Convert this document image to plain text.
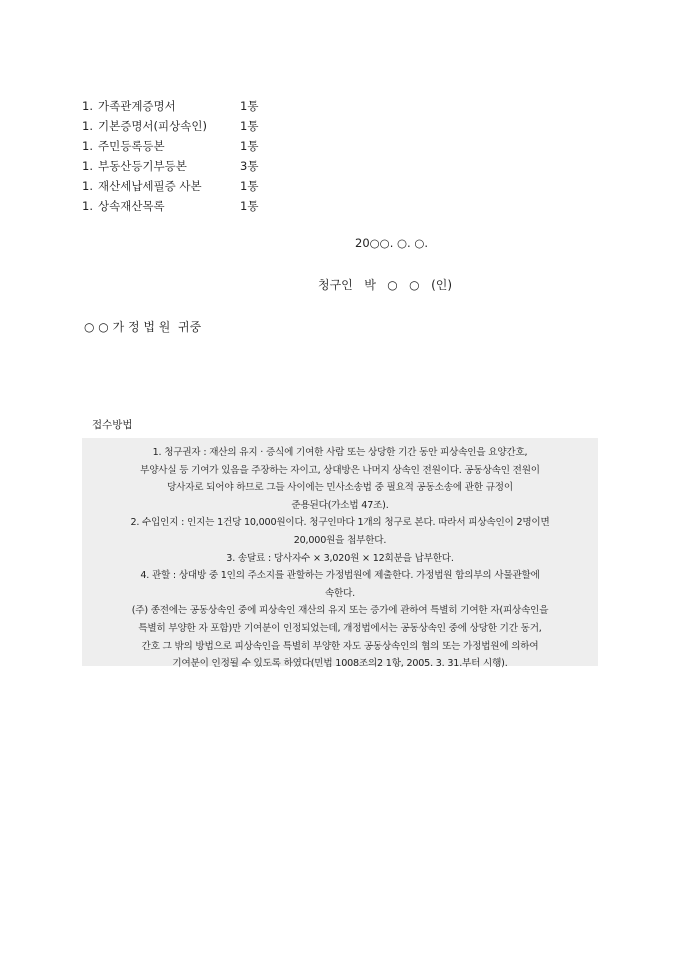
1. 가족관계증명서	1통
1. 기본증명서(피상속인)	1통
1. 주민등록등본	1통
1. 부동산등기부등본	3통
1. 재산세납세필증 사본	1통
1. 상속재산목록	1통
20○○. ○. ○.
청구인   박   ○   ○   (인)
○ ○ 가 정 법 원  귀중
접수방법
1. 청구권자 : 재산의 유지 · 증식에 기여한 사람 또는 상당한 기간 동안 피상속인을 요양간호,
부양사실 등 기여가 있음을 주장하는 자이고, 상대방은 나머지 상속인 전원이다. 공동상속인 전원이
당사자로 되어야 하므로 그들 사이에는 민사소송법 중 필요적 공동소송에 관한 규정이
준용된다(가소법 47조).
2. 수입인지 : 인지는 1건당 10,000원이다. 청구인마다 1개의 청구로 본다. 따라서 피상속인이 2명이면
20,000원을 첩부한다.
3. 송달료 : 당사자수 × 3,020원 × 12회분을 납부한다.
4. 관할 : 상대방 중 1인의 주소지를 관할하는 가정법원에 제출한다. 가정법원 합의부의 사물관할에
속한다.
(주) 종전에는 공동상속인 중에 피상속인 재산의 유지 또는 증가에 관하여 특별히 기여한 자(피상속인을
특별히 부양한 자 포함)만 기여분이 인정되었는데, 개정법에서는 공동상속인 중에 상당한 기간 동거,
간호 그 밖의 방법으로 피상속인을 특별히 부양한 자도 공동상속인의 협의 또는 가정법원에 의하여
기여분이 인정될 수 있도록 하였다(민법 1008조의2 1항, 2005. 3. 31.부터 시행).
